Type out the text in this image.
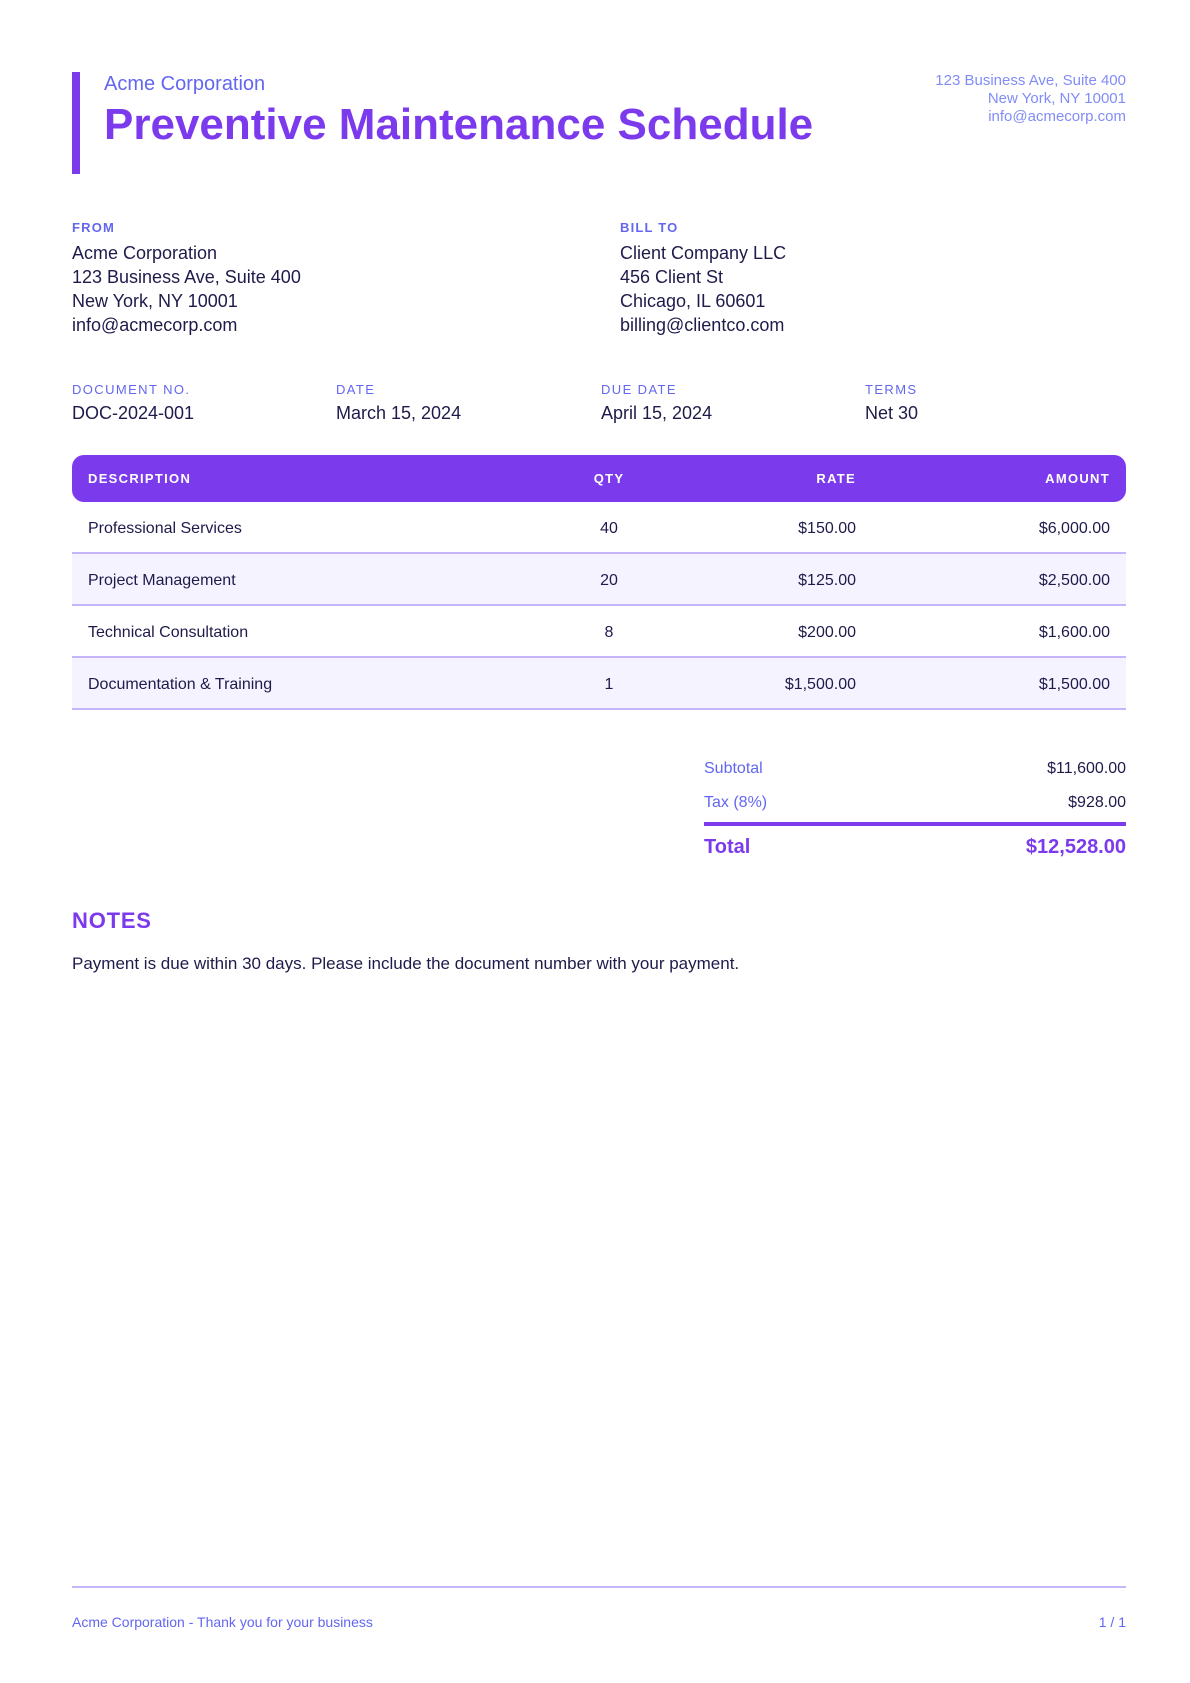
Acme Corporation
Preventive Maintenance Schedule
123 Business Ave, Suite 400
New York, NY 10001
info@acmecorp.com
FROM
Acme Corporation
123 Business Ave, Suite 400
New York, NY 10001
info@acmecorp.com
BILL TO
Client Company LLC
456 Client St
Chicago, IL 60601
billing@clientco.com
DOCUMENT NO.
DOC-2024-001
DATE
March 15, 2024
DUE DATE
April 15, 2024
TERMS
Net 30
DESCRIPTION	QTY	RATE	AMOUNT
Professional Services	40	$150.00	$6,000.00
Project Management	20	$125.00	$2,500.00
Technical Consultation	8	$200.00	$1,600.00
Documentation & Training	1	$1,500.00	$1,500.00
Subtotal	$11,600.00
Tax (8%)	$928.00
Total	$12,528.00
NOTES
Payment is due within 30 days. Please include the document number with your payment.
Acme Corporation - Thank you for your business	1 / 1
